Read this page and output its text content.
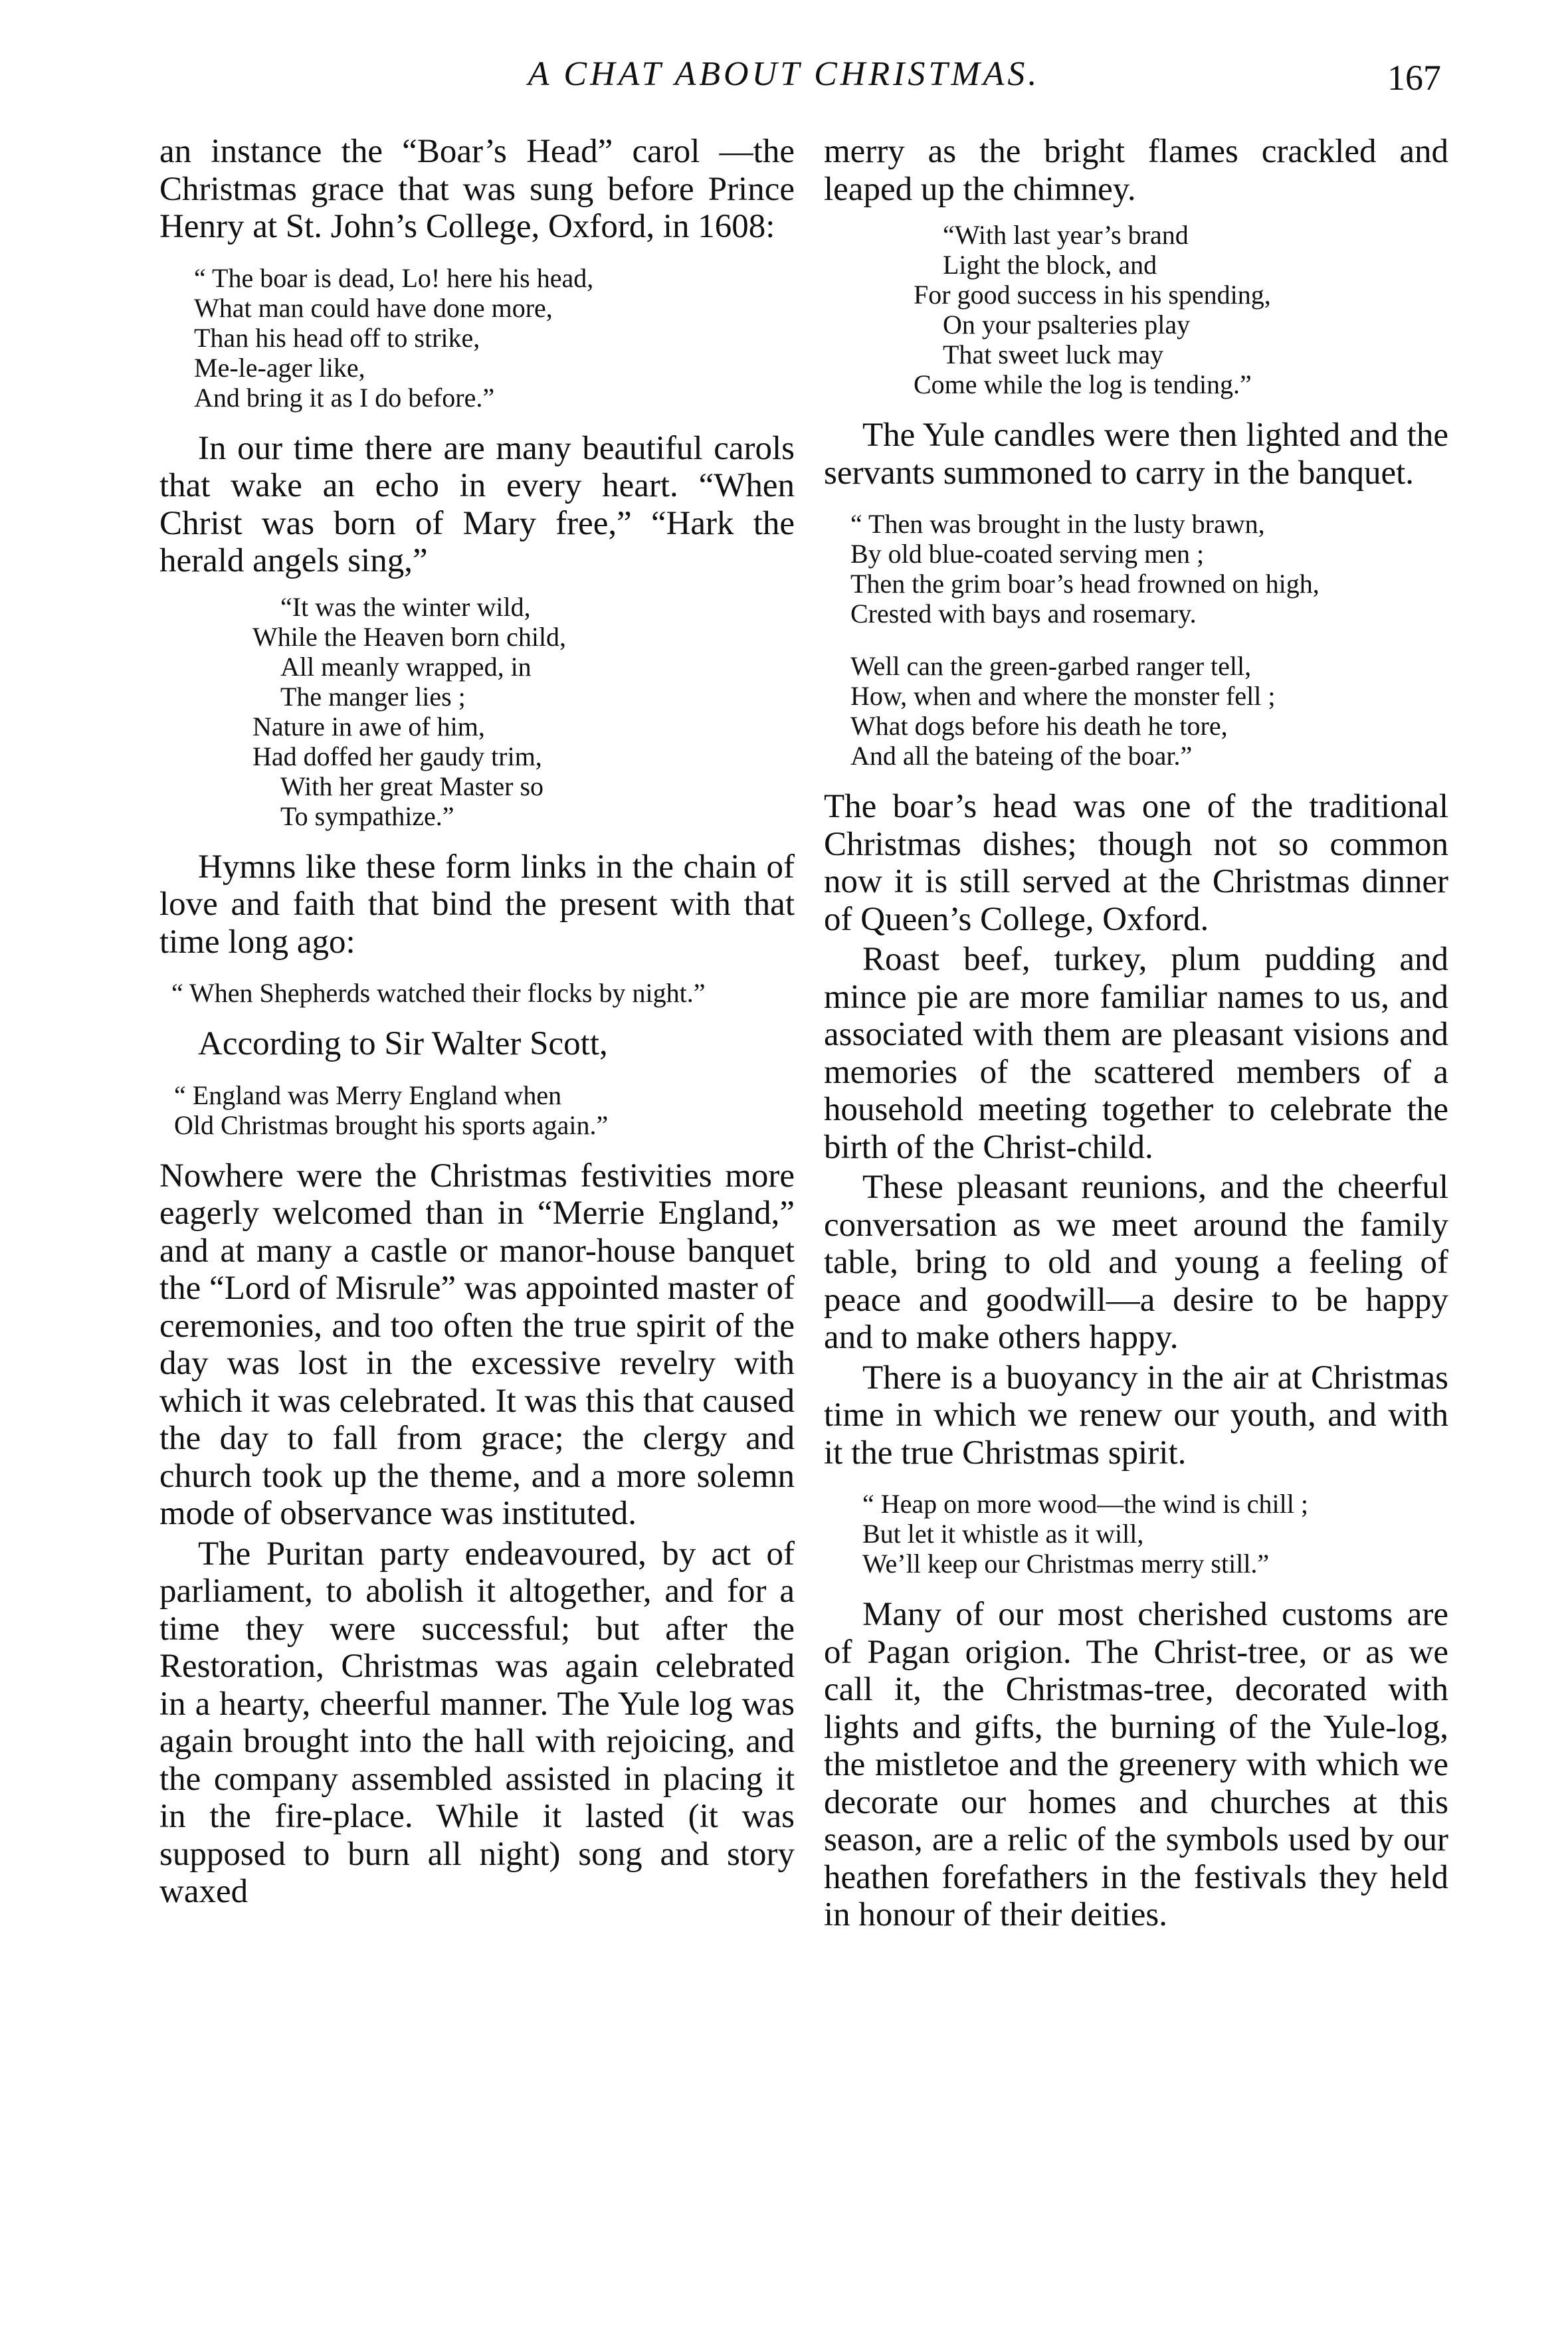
A CHAT ABOUT CHRISTMAS.	167

an instance the “Boar’s Head” carol —the Christmas grace that was sung before Prince Henry at St. John’s College, Oxford, in 1608:

“ The boar is dead, Lo! here his head,
What man could have done more,
Than his head off to strike,
Me-le-ager like,
And bring it as I do before.”

In our time there are many beautiful carols that wake an echo in every heart. “When Christ was born of Mary free,” “Hark the herald angels sing,”

“It was the winter wild,
While the Heaven born child,
All meanly wrapped, in
The manger lies ;
Nature in awe of him,
Had doffed her gaudy trim,
With her great Master so
To sympathize.”

Hymns like these form links in the chain of love and faith that bind the present with that time long ago:

“ When Shepherds watched their flocks by night.”

According to Sir Walter Scott,

“ England was Merry England when
Old Christmas brought his sports again.”

Nowhere were the Christmas festivities more eagerly welcomed than in “Merrie England,” and at many a castle or manor-house banquet the “Lord of Misrule” was appointed master of ceremonies, and too often the true spirit of the day was lost in the excessive revelry with which it was celebrated. It was this that caused the day to fall from grace; the clergy and church took up the theme, and a more solemn mode of observance was instituted.

The Puritan party endeavoured, by act of parliament, to abolish it altogether, and for a time they were successful; but after the Restoration, Christmas was again celebrated in a hearty, cheerful manner. The Yule log was again brought into the hall with rejoicing, and the company assembled assisted in placing it in the fire-place. While it lasted (it was supposed to burn all night) song and story waxed

merry as the bright flames crackled and leaped up the chimney.

“With last year’s brand
Light the block, and
For good success in his spending,
On your psalteries play
That sweet luck may
Come while the log is tending.”

The Yule candles were then lighted and the servants summoned to carry in the banquet.

“ Then was brought in the lusty brawn,
By old blue-coated serving men ;
Then the grim boar’s head frowned on high,
Crested with bays and rosemary.
Well can the green-garbed ranger tell,
How, when and where the monster fell ;
What dogs before his death he tore,
And all the bateing of the boar.”

The boar’s head was one of the traditional Christmas dishes; though not so common now it is still served at the Christmas dinner of Queen’s College, Oxford.

Roast beef, turkey, plum pudding and mince pie are more familiar names to us, and associated with them are pleasant visions and memories of the scattered members of a household meeting together to celebrate the birth of the Christ-child.

These pleasant reunions, and the cheerful conversation as we meet around the family table, bring to old and young a feeling of peace and goodwill—a desire to be happy and to make others happy.

There is a buoyancy in the air at Christmas time in which we renew our youth, and with it the true Christmas spirit.

“ Heap on more wood—the wind is chill ;
But let it whistle as it will,
We’ll keep our Christmas merry still.”

Many of our most cherished customs are of Pagan origion. The Christ-tree, or as we call it, the Christmas-tree, decorated with lights and gifts, the burning of the Yule-log, the mistletoe and the greenery with which we decorate our homes and churches at this season, are a relic of the symbols used by our heathen forefathers in the festivals they held in honour of their deities.
